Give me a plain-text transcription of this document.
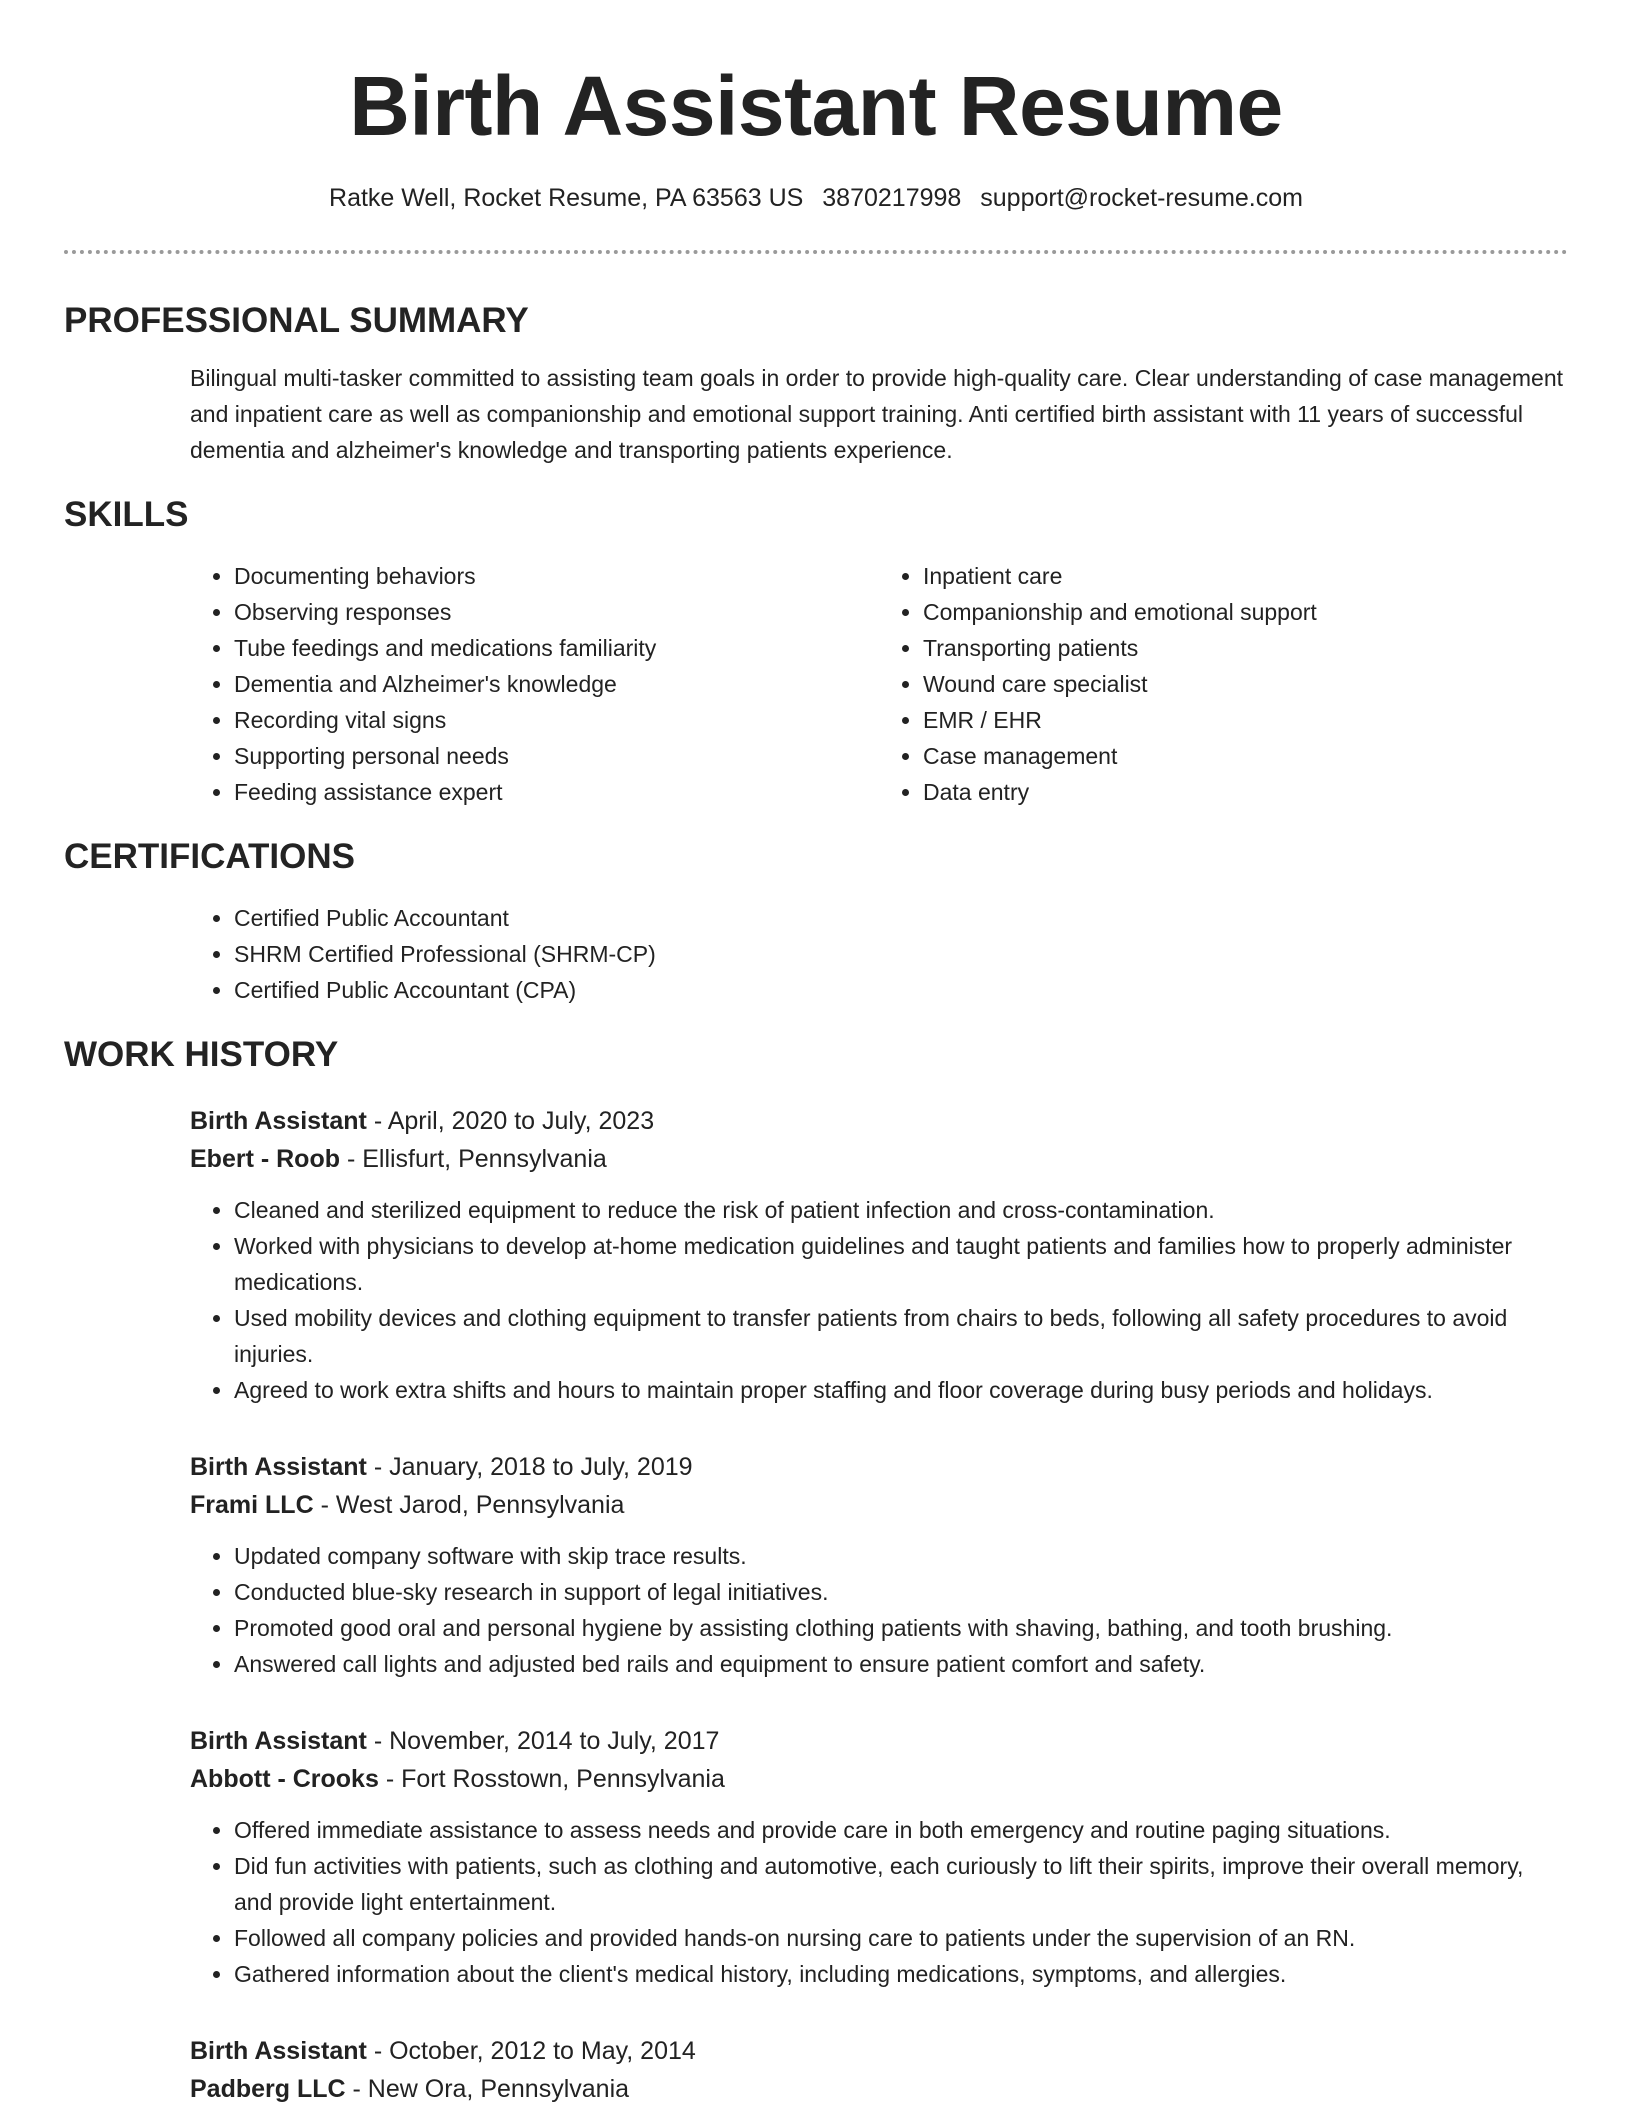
Birth Assistant Resume
Ratke Well, Rocket Resume, PA 63563 US 3870217998 support@rocket-resume.com
PROFESSIONAL SUMMARY

Bilingual multi-tasker committed to assisting team goals in order to provide high-quality care. Clear understanding of case management and inpatient care as well as companionship and emotional support training. Anti certified birth assistant with 11 years of successful dementia and alzheimer's knowledge and transporting patients experience.

SKILLS
• Documenting behaviors
• Observing responses
• Tube feedings and medications familiarity
• Dementia and Alzheimer's knowledge
• Recording vital signs
• Supporting personal needs
• Feeding assistance expert
• Inpatient care
• Companionship and emotional support
• Transporting patients
• Wound care specialist
• EMR / EHR
• Case management
• Data entry
CERTIFICATIONS
• Certified Public Accountant
• SHRM Certified Professional (SHRM-CP)
• Certified Public Accountant (CPA)
WORK HISTORY
Birth Assistant - April, 2020 to July, 2023
Ebert - Roob - Ellisfurt, Pennsylvania
• Cleaned and sterilized equipment to reduce the risk of patient infection and cross-contamination.
• Worked with physicians to develop at-home medication guidelines and taught patients and families how to properly administer medications.
• Used mobility devices and clothing equipment to transfer patients from chairs to beds, following all safety procedures to avoid injuries.
• Agreed to work extra shifts and hours to maintain proper staffing and floor coverage during busy periods and holidays.
Birth Assistant - January, 2018 to July, 2019
Frami LLC - West Jarod, Pennsylvania
• Updated company software with skip trace results.
• Conducted blue-sky research in support of legal initiatives.
• Promoted good oral and personal hygiene by assisting clothing patients with shaving, bathing, and tooth brushing.
• Answered call lights and adjusted bed rails and equipment to ensure patient comfort and safety.
Birth Assistant - November, 2014 to July, 2017
Abbott - Crooks - Fort Rosstown, Pennsylvania
• Offered immediate assistance to assess needs and provide care in both emergency and routine paging situations.
• Did fun activities with patients, such as clothing and automotive, each curiously to lift their spirits, improve their overall memory, and provide light entertainment.
• Followed all company policies and provided hands-on nursing care to patients under the supervision of an RN.
• Gathered information about the client's medical history, including medications, symptoms, and allergies.
Birth Assistant - October, 2012 to May, 2014
Padberg LLC - New Ora, Pennsylvania
